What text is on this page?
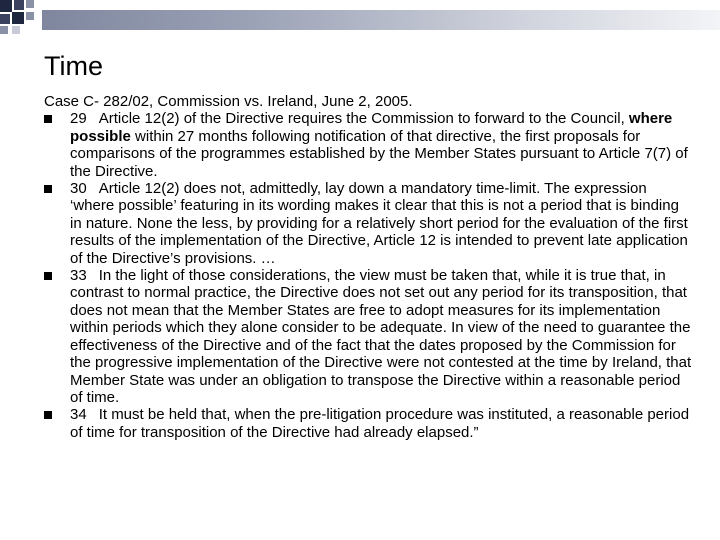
Time

Case C- 282/02, Commission vs. Ireland, June 2, 2005.

29 Article 12(2) of the Directive requires the Commission to forward to the Council, where possible within 27 months following notification of that directive, the first proposals for comparisons of the programmes established by the Member States pursuant to Article 7(7) of the Directive.
30 Article 12(2) does not, admittedly, lay down a mandatory time-limit. The expression ‘where possible’ featuring in its wording makes it clear that this is not a period that is binding in nature. None the less, by providing for a relatively short period for the evaluation of the first results of the implementation of the Directive, Article 12 is intended to prevent late application of the Directive’s provisions. …
33 In the light of those considerations, the view must be taken that, while it is true that, in contrast to normal practice, the Directive does not set out any period for its transposition, that does not mean that the Member States are free to adopt measures for its implementation within periods which they alone consider to be adequate. In view of the need to guarantee the effectiveness of the Directive and of the fact that the dates proposed by the Commission for the progressive implementation of the Directive were not contested at the time by Ireland, that Member State was under an obligation to transpose the Directive within a reasonable period of time.
34 It must be held that, when the pre-litigation procedure was instituted, a reasonable period of time for transposition of the Directive had already elapsed.”
